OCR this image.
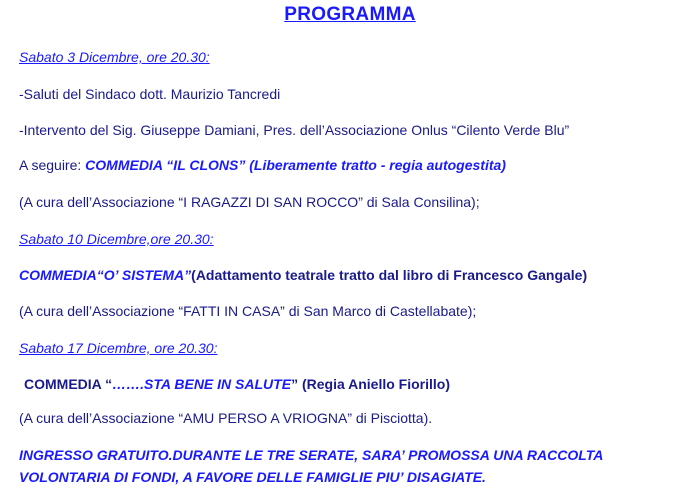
PROGRAMMA
Sabato 3 Dicembre, ore 20.30:
-Saluti del Sindaco dott. Maurizio Tancredi
-Intervento del Sig. Giuseppe Damiani, Pres. dell’Associazione Onlus “Cilento Verde Blu”
A seguire: COMMEDIA “IL CLONS” (Liberamente tratto - regia autogestita)
(A cura dell’Associazione “I RAGAZZI DI SAN ROCCO” di Sala Consilina);
Sabato 10 Dicembre,ore 20.30:
COMMEDIA“O’ SISTEMA”(Adattamento teatrale tratto dal libro di Francesco Gangale)
(A cura dell’Associazione “FATTI IN CASA” di San Marco di Castellabate);
Sabato 17 Dicembre, ore 20.30:
COMMEDIA “…….STA BENE IN SALUTE” (Regia Aniello Fiorillo)
(A cura dell’Associazione “AMU PERSO A VRIOGNA” di Pisciotta).
INGRESSO GRATUITO.DURANTE LE TRE SERATE, SARA’ PROMOSSA UNA RACCOLTA VOLONTARIA DI FONDI, A FAVORE DELLE FAMIGLIE PIU’ DISAGIATE.
